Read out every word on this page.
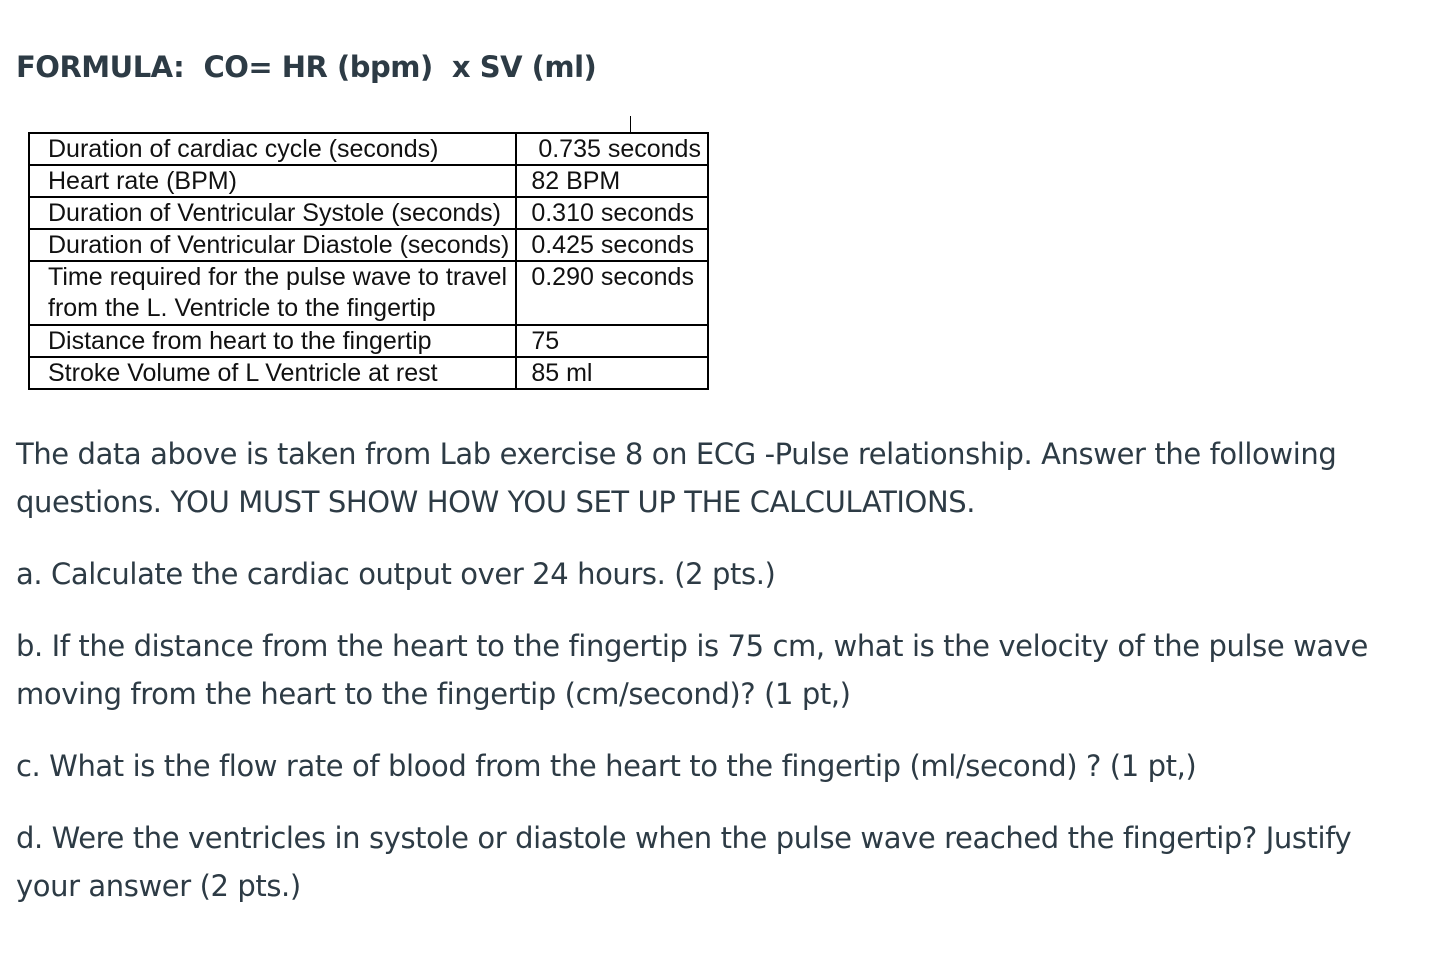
FORMULA:  CO= HR (bpm)  x SV (ml)
Duration of cardiac cycle (seconds)	0.735 seconds
Heart rate (BPM)	82 BPM
Duration of Ventricular Systole (seconds)	0.310 seconds
Duration of Ventricular Diastole (seconds)	0.425 seconds

Time required for the pulse wave to travel
from the L. Ventricle to the fingertip	0.290 seconds
Distance from heart to the fingertip	75
Stroke Volume of L Ventricle at rest	85 ml

The data above is taken from Lab exercise 8 on ECG -Pulse relationship. Answer the following questions. YOU MUST SHOW HOW YOU SET UP THE CALCULATIONS.

a. Calculate the cardiac output over 24 hours. (2 pts.)

b. If the distance from the heart to the fingertip is 75 cm, what is the velocity of the pulse wave moving from the heart to the fingertip (cm/second)? (1 pt,)

c. What is the flow rate of blood from the heart to the fingertip (ml/second) ? (1 pt,)

d. Were the ventricles in systole or diastole when the pulse wave reached the fingertip? Justify your answer (2 pts.)
